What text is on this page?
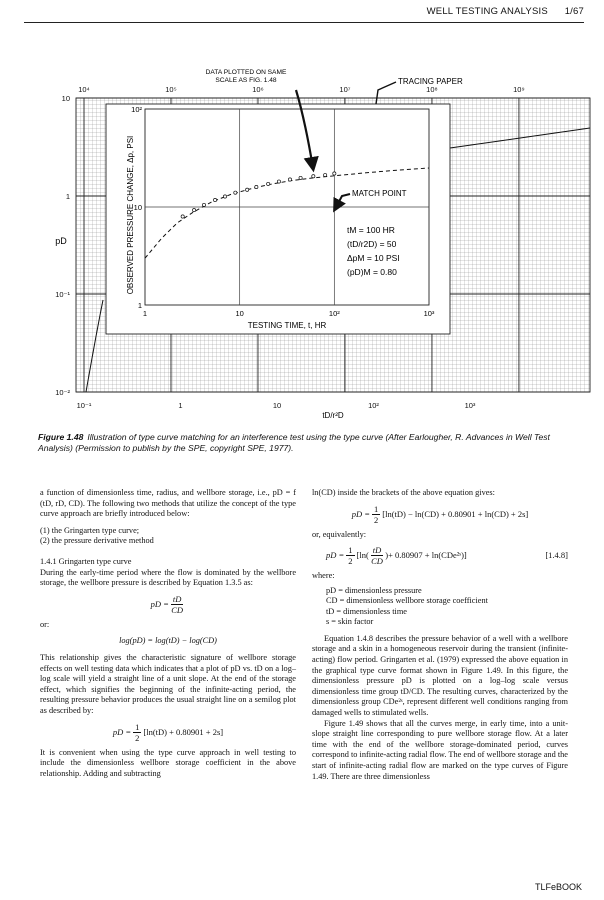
WELL TESTING ANALYSIS 1/67
1	10	10²	10³
10²
10
1
10⁴	10⁵	10⁶	10⁷	10⁸	10⁹
10⁻¹	1	10	10²	10³
10
1
10⁻¹
10⁻²
OBSERVED PRESSURE CHANGE, Δp, PSI
TESTING TIME, t, HR
pD
tD/r²D
DATA PLOTTED ON SAME SCALE AS FIG. 1.48	TRACING PAPER
MATCH POINT
tM = 100 HR
(tD/r2D) = 50
ΔpM = 10 PSI
(pD)M = 0.80
Figure 1.48 Illustration of type curve matching for an interference test using the type curve (After Earlougher, R. Advances in Well Test Analysis) (Permission to publish by the SPE, copyright SPE, 1977).

a function of dimensionless time, radius, and wellbore storage, i.e., pD = f (tD, rD, CD). The following two methods that utilize the concept of the type curve approach are briefly introduced below:

(1) the Gringarten type curve;
(2) the pressure derivative method
1.4.1 Gringarten type curve

During the early-time period where the flow is dominated by the wellbore storage, the wellbore pressure is described by Equation 1.3.5 as:

pD = $\frac{tD}{CD}$
or:
log(pD) = log(tD) − log(CD)

This relationship gives the characteristic signature of wellbore storage effects on well testing data which indicates that a plot of pD vs. tD on a log–log scale will yield a straight line of a unit slope. At the end of the storage effect, which signifies the beginning of the infinite-acting period, the resulting pressure behavior produces the usual straight line on a semilog plot as described by:

pD = $\frac{1}{2} [\ln(tD) + 0.80901 + 2s]$

It is convenient when using the type curve approach in well testing to include the dimensionless wellbore storage coefficient in the above relationship. Adding and subtracting

ln(CD) inside the brackets of the above equation gives:

pD = $\frac{1}{2} [\ln(tD) - \ln(CD) + 0.80901 + \ln(CD) + 2s]$
or, equivalently:
pD = $\frac{1}{2} [\ln( \frac{tD}{CD}$ ) + 0.80907 + ln(CDe²ˢ)]	[1.4.8]
where:
pD = dimensionless pressure
CD = dimensionless wellbore storage coefficient
tD = dimensionless time
s = skin factor

Equation 1.4.8 describes the pressure behavior of a well with a wellbore storage and a skin in a homogeneous reservoir during the transient (infinite-acting) flow period. Gringarten et al. (1979) expressed the above equation in the graphical type curve format shown in Figure 1.49. In this figure, the dimensionless pressure pD is plotted on a log–log scale versus dimensionless time group tD/CD. The resulting curves, characterized by the dimensionless group CDe²ˢ, represent different well conditions ranging from damaged wells to stimulated wells.

Figure 1.49 shows that all the curves merge, in early time, into a unit-slope straight line corresponding to pure wellbore storage flow. At a later time with the end of the wellbore storage-dominated period, curves correspond to infinite-acting radial flow. The end of wellbore storage and the start of infinite-acting radial flow are marked on the type curves of Figure 1.49. There are three dimensionless

TLFeBOOK
